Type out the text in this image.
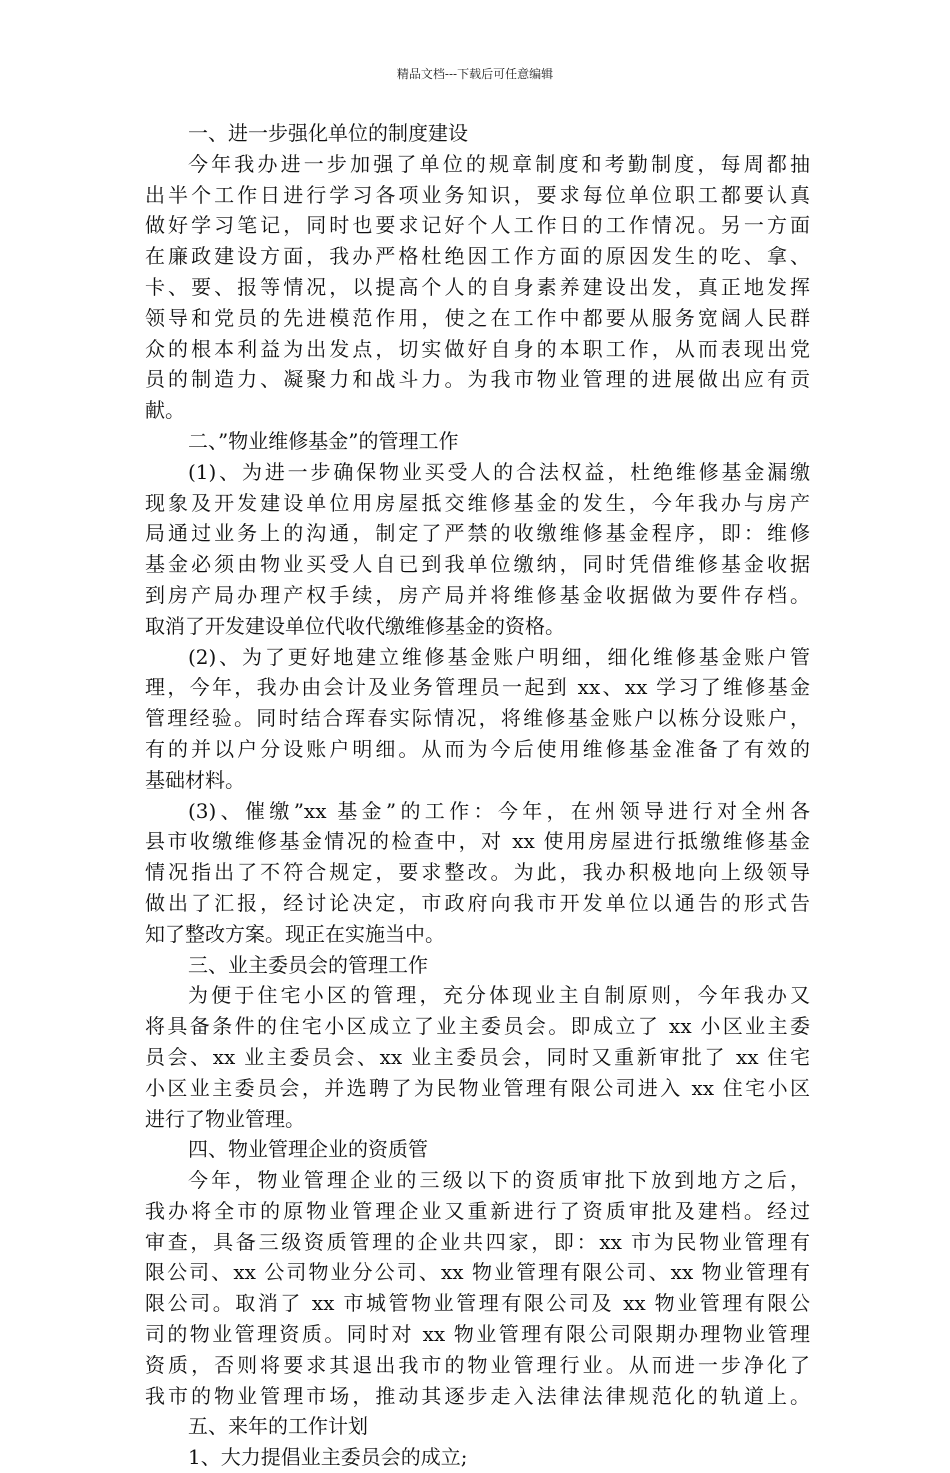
精品文档---下载后可任意编辑
一、进一步强化单位的制度建设
今年我办进一步加强了单位的规章制度和考勤制度，每周都抽
出半个工作日进行学习各项业务知识，要求每位单位职工都要认真
做好学习笔记，同时也要求记好个人工作日的工作情况。另一方面
在廉政建设方面，我办严格杜绝因工作方面的原因发生的吃、拿、
卡、要、报等情况，以提高个人的自身素养建设出发，真正地发挥
领导和党员的先进模范作用，使之在工作中都要从服务宽阔人民群
众的根本利益为出发点，切实做好自身的本职工作，从而表现出党
员的制造力、凝聚力和战斗力。为我市物业管理的进展做出应有贡
献。
二、”物业维修基金”的管理工作
(1)、为进一步确保物业买受人的合法权益，杜绝维修基金漏缴
现象及开发建设单位用房屋抵交维修基金的发生，今年我办与房产
局通过业务上的沟通，制定了严禁的收缴维修基金程序，即：维修
基金必须由物业买受人自已到我单位缴纳，同时凭借维修基金收据
到房产局办理产权手续，房产局并将维修基金收据做为要件存档。
取消了开发建设单位代收代缴维修基金的资格。
(2)、为了更好地建立维修基金账户明细，细化维修基金账户管
理，今年，我办由会计及业务管理员一起到 xx、xx 学习了维修基金
管理经验。同时结合珲春实际情况，将维修基金账户以栋分设账户，
有的并以户分设账户明细。从而为今后使用维修基金准备了有效的
基础材料。
(3)、催缴”xx 基金”的工作：今年，在州领导进行对全州各
县市收缴维修基金情况的检查中，对 xx 使用房屋进行抵缴维修基金
情况指出了不符合规定，要求整改。为此，我办积极地向上级领导
做出了汇报，经讨论决定，市政府向我市开发单位以通告的形式告
知了整改方案。现正在实施当中。
三、业主委员会的管理工作
为便于住宅小区的管理，充分体现业主自制原则，今年我办又
将具备条件的住宅小区成立了业主委员会。即成立了 xx 小区业主委
员会、xx 业主委员会、xx 业主委员会，同时又重新审批了 xx 住宅
小区业主委员会，并选聘了为民物业管理有限公司进入 xx 住宅小区
进行了物业管理。
四、物业管理企业的资质管
今年，物业管理企业的三级以下的资质审批下放到地方之后，
我办将全市的原物业管理企业又重新进行了资质审批及建档。经过
审查，具备三级资质管理的企业共四家，即：xx 市为民物业管理有
限公司、xx 公司物业分公司、xx 物业管理有限公司、xx 物业管理有
限公司。取消了 xx 市城管物业管理有限公司及 xx 物业管理有限公
司的物业管理资质。同时对 xx 物业管理有限公司限期办理物业管理
资质，否则将要求其退出我市的物业管理行业。从而进一步净化了
我市的物业管理市场，推动其逐步走入法律法律规范化的轨道上。
五、来年的工作计划
1、大力提倡业主委员会的成立;
